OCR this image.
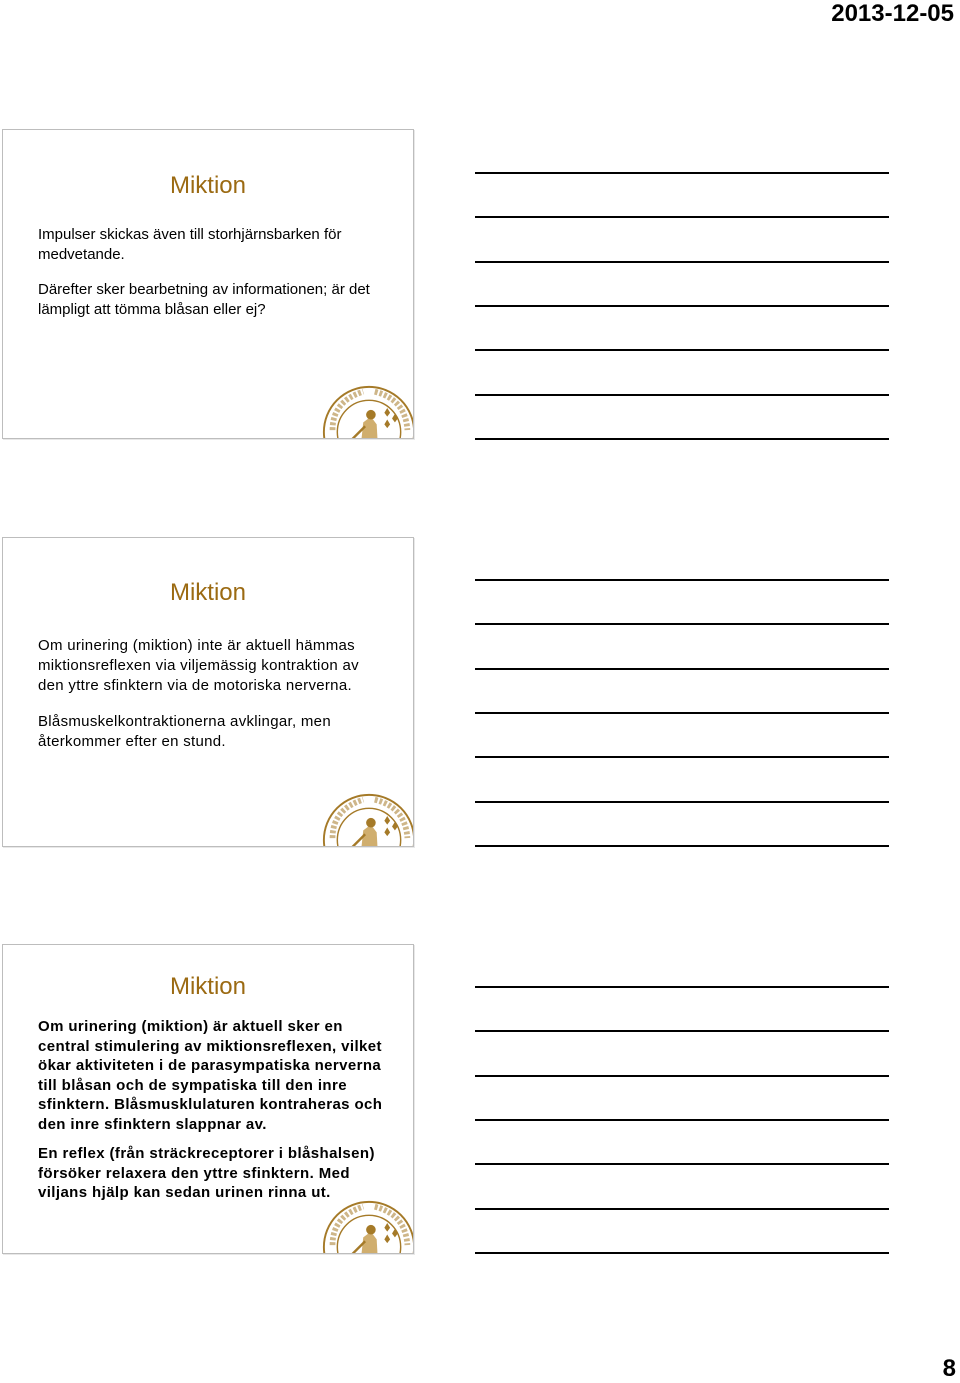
2013-12-05
Miktion

Impulser skickas även till storhjärnsbarken för medvetande.

Därefter sker bearbetning av informationen; är det lämpligt att tömma blåsan eller ej?

Miktion

Om urinering (miktion) inte är aktuell hämmas miktionsreflexen via viljemässig kontraktion av den yttre sfinktern via de motoriska nerverna.

Blåsmuskelkontraktionerna avklingar, men återkommer efter en stund.

Miktion

Om urinering (miktion) är aktuell sker en central stimulering av miktionsreflexen, vilket ökar aktiviteten i de parasympatiska nerverna till blåsan och de sympatiska till den inre sfinktern. Blåsmusklulaturen kontraheras och den inre sfinktern slappnar av.

En reflex (från sträckreceptorer i blåshalsen) försöker relaxera den yttre sfinktern. Med viljans hjälp kan sedan urinen rinna ut.

8
